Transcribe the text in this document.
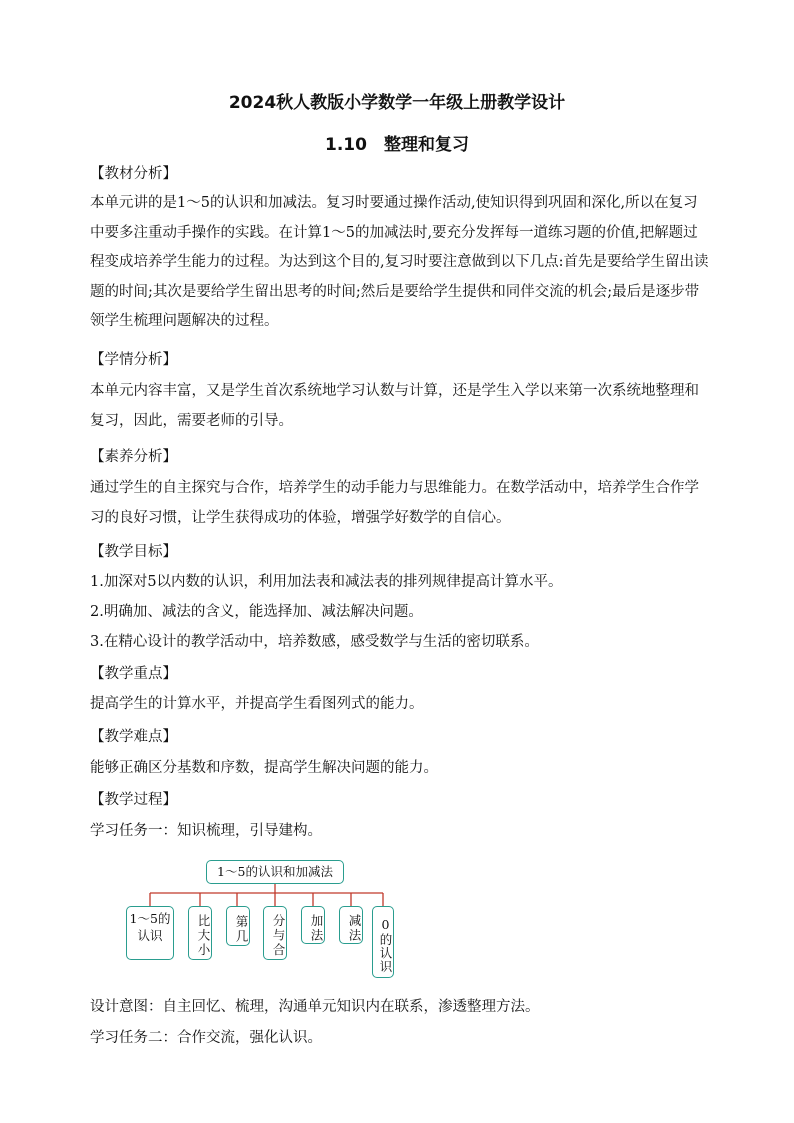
2024秋人教版小学数学一年级上册教学设计
1.10　整理和复习

【教材分析】

本单元讲的是1～5的认识和加减法。复习时要通过操作活动,使知识得到巩固和深化,所以在复习中要多注重动手操作的实践。在计算1～5的加减法时,要充分发挥每一道练习题的价值,把解题过程变成培养学生能力的过程。为达到这个目的,复习时要注意做到以下几点:首先是要给学生留出读题的时间;其次是要给学生留出思考的时间;然后是要给学生提供和同伴交流的机会;最后是逐步带领学生梳理问题解决的过程。

【学情分析】

本单元内容丰富，又是学生首次系统地学习认数与计算，还是学生入学以来第一次系统地整理和复习，因此，需要老师的引导。

【素养分析】

通过学生的自主探究与合作，培养学生的动手能力与思维能力。在数学活动中，培养学生合作学习的良好习惯，让学生获得成功的体验，增强学好数学的自信心。

【教学目标】

1.加深对5以内数的认识，利用加法表和减法表的排列规律提高计算水平。

2.明确加、减法的含义，能选择加、减法解决问题。

3.在精心设计的教学活动中，培养数感，感受数学与生活的密切联系。

【教学重点】

提高学生的计算水平，并提高学生看图列式的能力。

【教学难点】

能够正确区分基数和序数，提高学生解决问题的能力。

【教学过程】

学习任务一：知识梳理，引导建构。

1～5的认识和加减法
1～5的认识	比大小	第几	分与合	加法	减法	0的认识

设计意图：自主回忆、梳理，沟通单元知识内在联系，渗透整理方法。

学习任务二：合作交流，强化认识。
